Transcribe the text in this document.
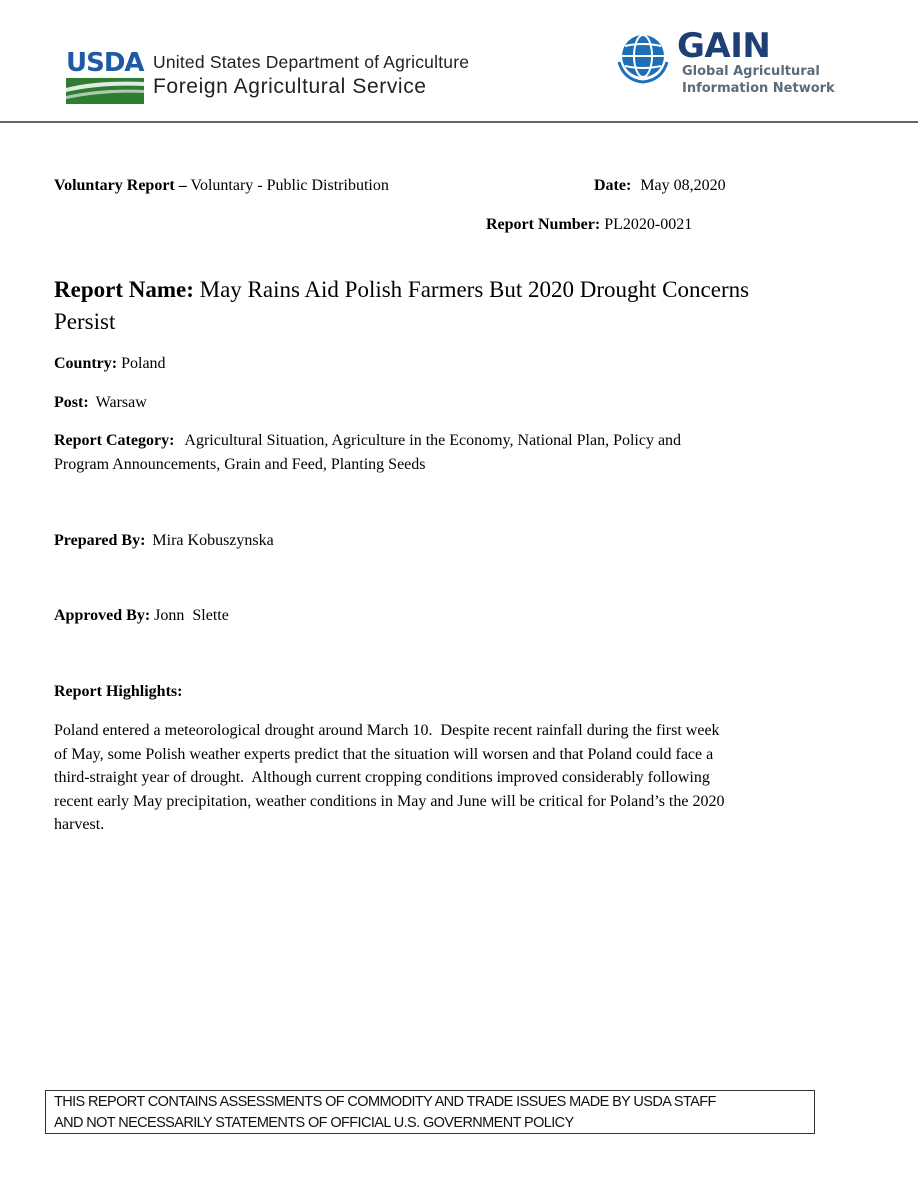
USDA United States Department of Agriculture
Foreign Agricultural Service
GAIN
Global Agricultural
Information Network
Voluntary Report – Voluntary - Public Distribution	Date: May 08,2020
Report Number: PL2020-0021
Report Name: May Rains Aid Polish Farmers But 2020 Drought Concerns Persist
Country: Poland
Post: Warsaw
Report Category: Agricultural Situation, Agriculture in the Economy, National Plan, Policy and
Program Announcements, Grain and Feed, Planting Seeds
Prepared By: Mira Kobuszynska
Approved By: Jonn  Slette
Report Highlights:
Poland entered a meteorological drought around March 10.  Despite recent rainfall during the first week
of May, some Polish weather experts predict that the situation will worsen and that Poland could face a
third-straight year of drought.  Although current cropping conditions improved considerably following
recent early May precipitation, weather conditions in May and June will be critical for Poland’s the 2020
harvest.
THIS REPORT CONTAINS ASSESSMENTS OF COMMODITY AND TRADE ISSUES MADE BY USDA STAFF
AND NOT NECESSARILY STATEMENTS OF OFFICIAL U.S. GOVERNMENT POLICY
